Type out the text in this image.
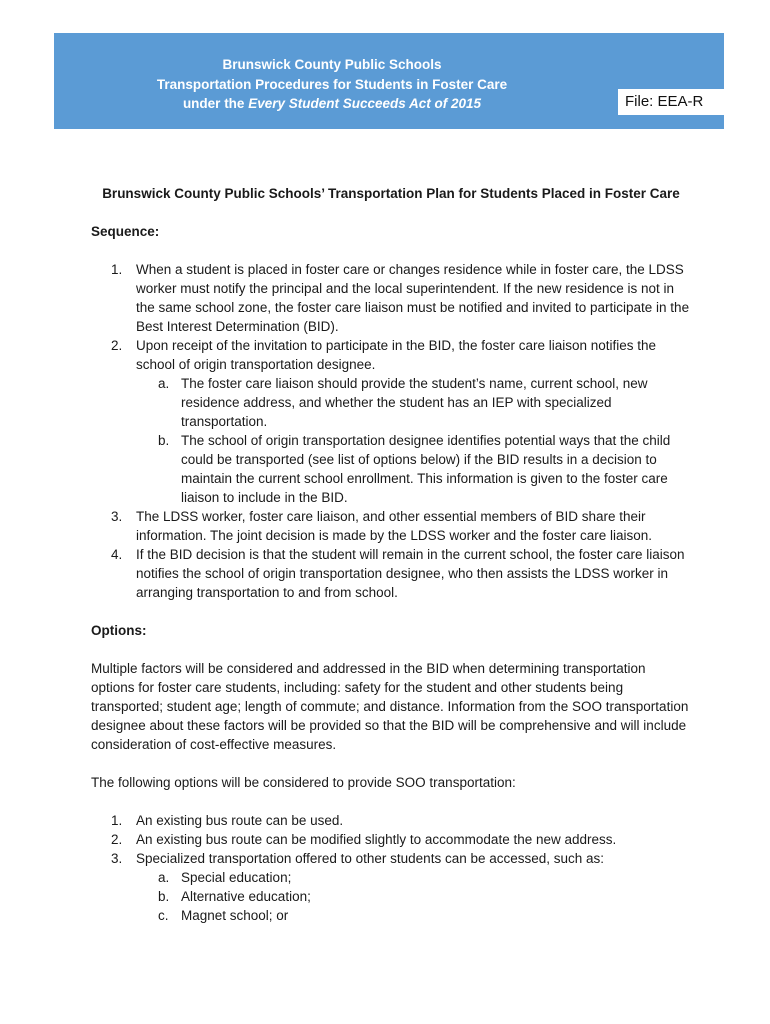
Brunswick County Public Schools
Transportation Procedures for Students in Foster Care
under the Every Student Succeeds Act of 2015	File: EEA-R

Brunswick County Public Schools’ Transportation Plan for Students Placed in Foster Care

Sequence:

1. When a student is placed in foster care or changes residence while in foster care, the LDSS worker must notify the principal and the local superintendent. If the new residence is not in the same school zone, the foster care liaison must be notified and invited to participate in the Best Interest Determination (BID).
2. Upon receipt of the invitation to participate in the BID, the foster care liaison notifies the school of origin transportation designee.
a. The foster care liaison should provide the student’s name, current school, new residence address, and whether the student has an IEP with specialized transportation.
b. The school of origin transportation designee identifies potential ways that the child could be transported (see list of options below) if the BID results in a decision to maintain the current school enrollment. This information is given to the foster care liaison to include in the BID.
3. The LDSS worker, foster care liaison, and other essential members of BID share their information. The joint decision is made by the LDSS worker and the foster care liaison.
4. If the BID decision is that the student will remain in the current school, the foster care liaison notifies the school of origin transportation designee, who then assists the LDSS worker in arranging transportation to and from school.

Options:

Multiple factors will be considered and addressed in the BID when determining transportation options for foster care students, including: safety for the student and other students being transported; student age; length of commute; and distance. Information from the SOO transportation designee about these factors will be provided so that the BID will be comprehensive and will include consideration of cost-effective measures.

The following options will be considered to provide SOO transportation:

1. An existing bus route can be used.
2. An existing bus route can be modified slightly to accommodate the new address.
3. Specialized transportation offered to other students can be accessed, such as:
a. Special education;
b. Alternative education;
c. Magnet school; or
